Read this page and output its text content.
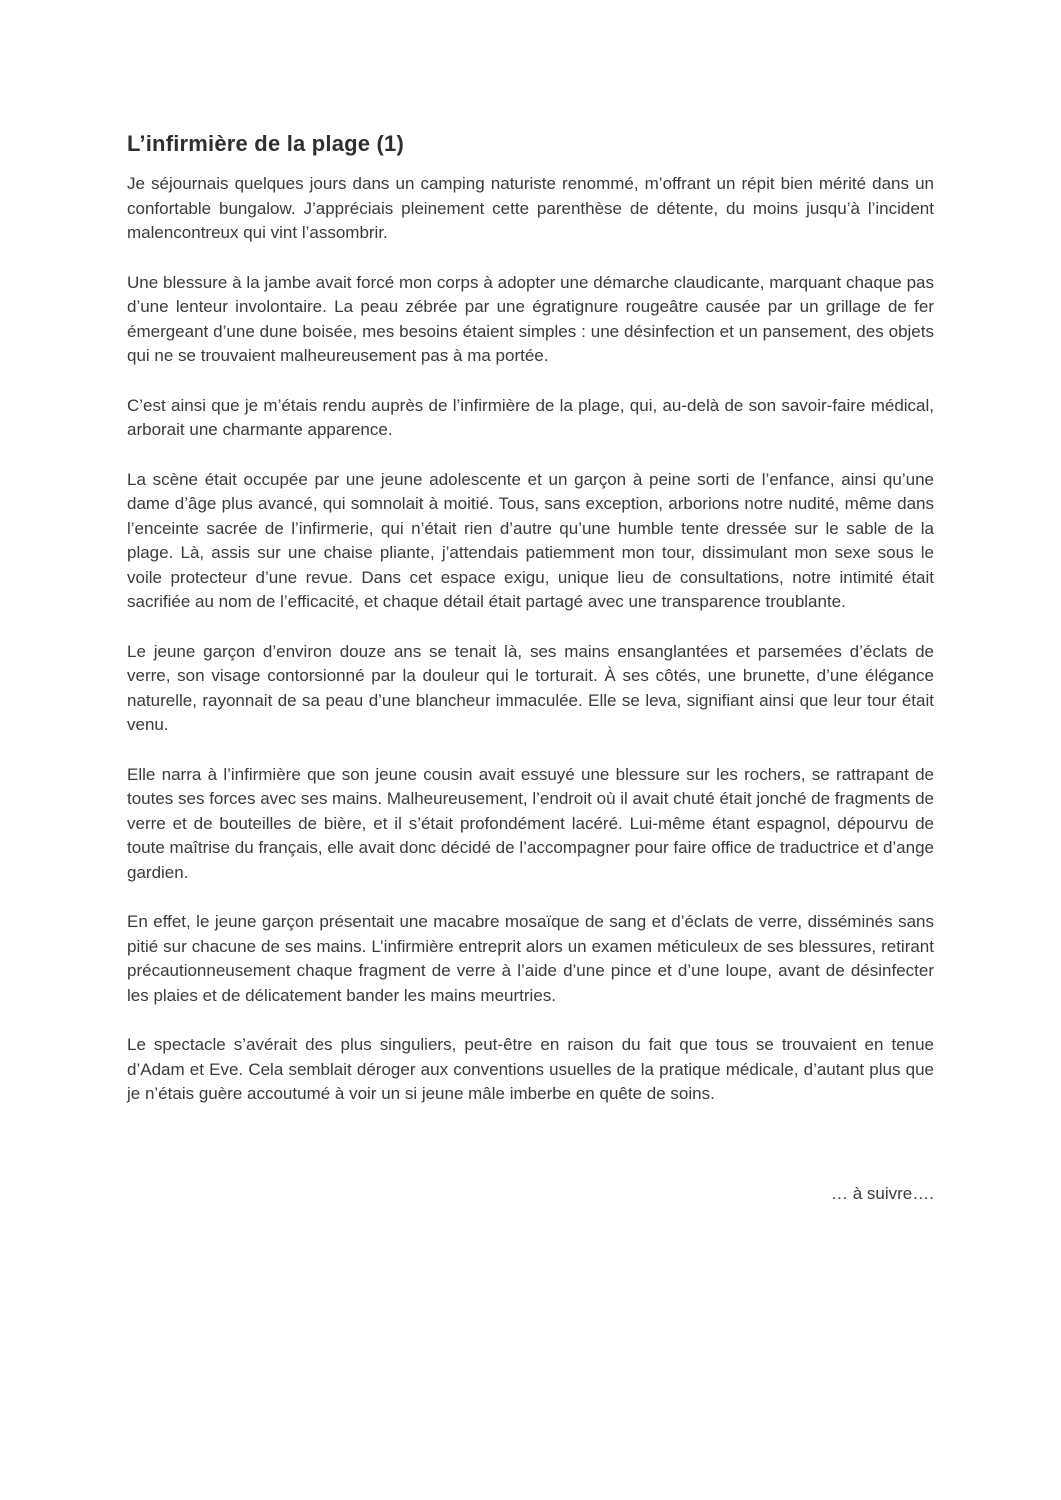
L’infirmière de la plage (1)

Je séjournais quelques jours dans un camping naturiste renommé, m’offrant un répit bien mérité dans un confortable bungalow. J’appréciais pleinement cette parenthèse de détente, du moins jusqu’à l’incident malencontreux qui vint l’assombrir.

Une blessure à la jambe avait forcé mon corps à adopter une démarche claudicante, marquant chaque pas d’une lenteur involontaire. La peau zébrée par une égratignure rougeâtre causée par un grillage de fer émergeant d’une dune boisée, mes besoins étaient simples : une désinfection et un pansement, des objets qui ne se trouvaient malheureusement pas à ma portée.

C’est ainsi que je m’étais rendu auprès de l’infirmière de la plage, qui, au-delà de son savoir-faire médical, arborait une charmante apparence.

La scène était occupée par une jeune adolescente et un garçon à peine sorti de l’enfance, ainsi qu’une dame d’âge plus avancé, qui somnolait à moitié. Tous, sans exception, arborions notre nudité, même dans l’enceinte sacrée de l’infirmerie, qui n’était rien d’autre qu’une humble tente dressée sur le sable de la plage. Là, assis sur une chaise pliante, j’attendais patiemment mon tour, dissimulant mon sexe sous le voile protecteur d’une revue. Dans cet espace exigu, unique lieu de consultations, notre intimité était sacrifiée au nom de l’efficacité, et chaque détail était partagé avec une transparence troublante.

Le jeune garçon d’environ douze ans se tenait là, ses mains ensanglantées et parsemées d’éclats de verre, son visage contorsionné par la douleur qui le torturait. À ses côtés, une brunette, d’une élégance naturelle, rayonnait de sa peau d’une blancheur immaculée. Elle se leva, signifiant ainsi que leur tour était venu.

Elle narra à l’infirmière que son jeune cousin avait essuyé une blessure sur les rochers, se rattrapant de toutes ses forces avec ses mains. Malheureusement, l’endroit où il avait chuté était jonché de fragments de verre et de bouteilles de bière, et il s’était profondément lacéré. Lui-même étant espagnol, dépourvu de toute maîtrise du français, elle avait donc décidé de l’accompagner pour faire office de traductrice et d’ange gardien.

En effet, le jeune garçon présentait une macabre mosaïque de sang et d’éclats de verre, disséminés sans pitié sur chacune de ses mains. L’infirmière entreprit alors un examen méticuleux de ses blessures, retirant précautionneusement chaque fragment de verre à l’aide d’une pince et d’une loupe, avant de désinfecter les plaies et de délicatement bander les mains meurtries.

Le spectacle s’avérait des plus singuliers, peut-être en raison du fait que tous se trouvaient en tenue d’Adam et Eve. Cela semblait déroger aux conventions usuelles de la pratique médicale, d’autant plus que je n’étais guère accoutumé à voir un si jeune mâle imberbe en quête de soins.

… à suivre….
